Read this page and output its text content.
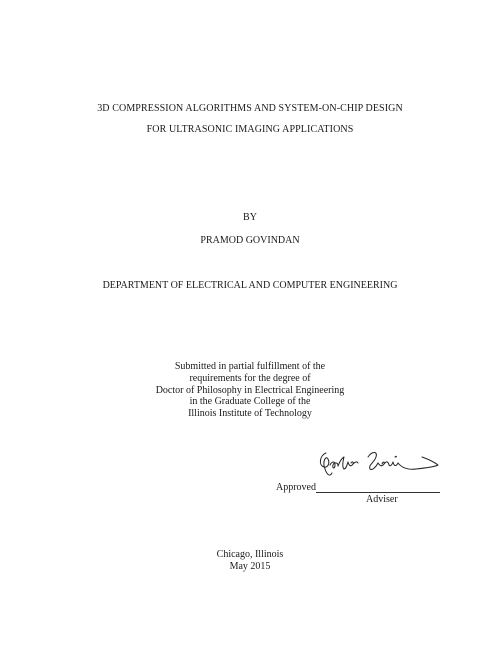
3D COMPRESSION ALGORITHMS AND SYSTEM-ON-CHIP DESIGN
FOR ULTRASONIC IMAGING APPLICATIONS
BY
PRAMOD GOVINDAN
DEPARTMENT OF ELECTRICAL AND COMPUTER ENGINEERING
Submitted in partial fulfillment of the
requirements for the degree of
Doctor of Philosophy in Electrical Engineering
in the Graduate College of the
Illinois Institute of Technology
Approved
Adviser
Chicago, Illinois
May 2015
